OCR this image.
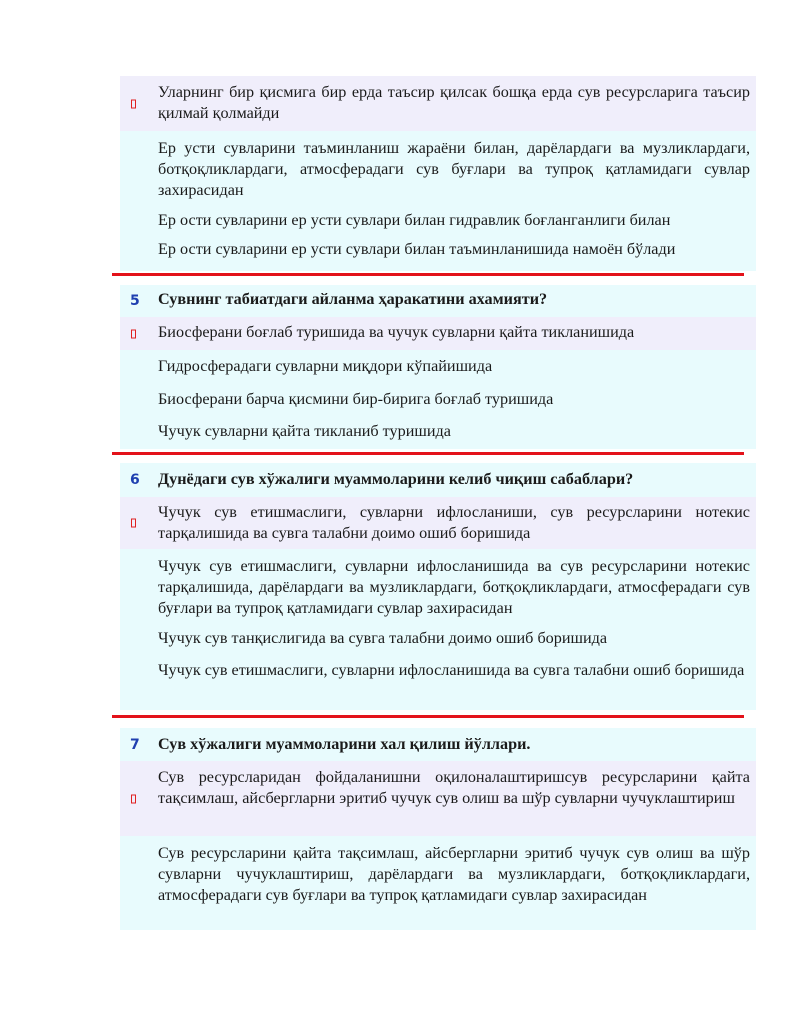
Уларнинг бир қисмига бир ерда таъсир қилсак бошқа ерда сув ресурсларига таъсир қилмай қолмайди
Ер усти сувларини таъминланиш жараёни билан, дарёлардаги ва музликлардаги, ботқоқликлардаги, атмосферадаги сув буғлари ва тупроқ қатламидаги сувлар захирасидан
Ер ости сувларини ер усти сувлари билан гидравлик боғланганлиги билан
Ер ости сувларини ер усти сувлари билан таъминланишида намоён бўлади
5 Сувнинг табиатдаги айланма ҳаракатини ахамияти?
Биосферани боғлаб туришида ва чучук сувларни қайта тикланишида
Гидросферадаги сувларни миқдори кўпайишида
Биосферани барча қисмини бир-бирига боғлаб туришида
Чучук сувларни қайта тикланиб туришида
6 Дунёдаги сув хўжалиги муаммоларини келиб чиқиш сабаблари?
Чучук сув етишмаслиги, сувларни ифлосланиши, сув ресурсларини нотекис тарқалишида ва сувга талабни доимо ошиб боришида
Чучук сув етишмаслиги, сувларни ифлосланишида ва сув ресурсларини нотекис тарқалишида, дарёлардаги ва музликлардаги, ботқоқликлардаги, атмосферадаги сув буғлари ва тупроқ қатламидаги сувлар захирасидан
Чучук сув танқислигида ва сувга талабни доимо ошиб боришида
Чучук сув етишмаслиги, сувларни ифлосланишида ва сувга талабни ошиб боришида
7 Сув хўжалиги муаммоларини хал қилиш йўллари.
Сув ресурсларидан фойдаланишни оқилоналаштиришсув ресурсларини қайта тақсимлаш, айсбергларни эритиб чучук сув олиш ва шўр сувларни чучуклаштириш
Сув ресурсларини қайта тақсимлаш, айсбергларни эритиб чучук сув олиш ва шўр сувларни чучуклаштириш, дарёлардаги ва музликлардаги, ботқоқликлардаги, атмосферадаги сув буғлари ва тупроқ қатламидаги сувлар захирасидан
